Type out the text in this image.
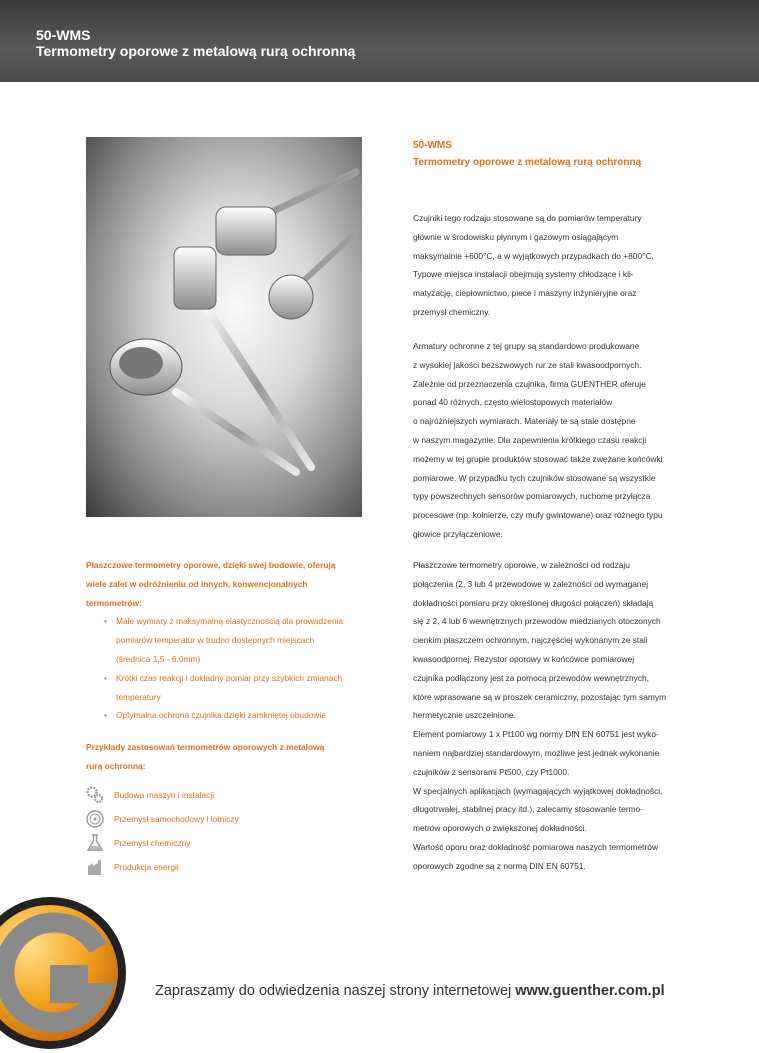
50-WMS
Termometry oporowe z metalową rurą ochronną
50-WMS
Termometry oporowe z metalową rurą ochronną
Czujniki tego rodzaju stosowane są do pomiarów temperatury
głównie w środowisku płynnym i gazowym osiągającym
maksymalnie +600°C, a w wyjątkowych przypadkach do +800°C.
Typowe miejsca instalacji obejmują systemy chłodzące i kli-
matyzację, ciepłownictwo, piece i maszyny inżynieryjne oraz
przemysł chemiczny.
Armatury ochronne z tej grupy są standardowo produkowane
z wysokiej jakości bezszwowych rur ze stali kwasoodpornych.
Zależnie od przeznaczenia czujnika, firma GUENTHER oferuje
ponad 40 różnych, często wielostopowych materiałów
o najróżniejszych wymiarach. Materiały te są stale dostępne
w naszym magazynie. Dla zapewnienia krótkiego czasu reakcji
możemy w tej grupie produktów stosować także zwężane końcówki
pomiarowe. W przypadku tych czujników stosowane są wszystkie
typy powszechnych sensorów pomiarowych, ruchome przyłącza
procesowe (np. kołnierze, czy mufy gwintowane) oraz różnego typu
głowice przyłączeniowe.
Płaszczowe termometry oporowe, w zależności od rodzaju
połączenia (2, 3 lub 4 przewodowe w zależności od wymaganej
dokładności pomiaru przy określonej długości połączeń) składają
się z 2, 4 lub 6 wewnętrznych przewodów miedzianych otoczonych
cienkim płaszczem ochronnym, najczęściej wykonanym ze stali
kwasoodpornej. Rezystor oporowy w końcówce pomiarowej
czujnika podłączony jest za pomocą przewodów wewnętrznych,
które wprasowane są w proszek ceramiczny, pozostając tym samym
hermetycznie uszczelnione.
Element pomiarowy 1 x Pt100 wg normy DIN EN 60751 jest wyko-
naniem najbardziej standardowym, możliwe jest jednak wykonanie
czujników z sensorami Pt500, czy Pt1000.
W specjalnych aplikacjach (wymagających wyjątkowej dokładności,
długotrwałej, stabilnej pracy itd.), zalecamy stosowanie termo-
metrów oporowych o zwiększonej dokładności.
Wartość oporu oraz dokładność pomiarowa naszych termometrów
oporowych zgodne są z normą DIN EN 60751.
Płaszczowe termometry oporowe, dzięki swej budowie, oferują
wiele zalet w odróżnieniu od innych, konwencjonalnych
termometrów:
• Małe wymiary z maksymalną elastycznością dla prowadzenia
pomiarów temperatur w trudno dostępnych miejscach
(średnica 1,5 - 6,0mm)
• Krótki czas reakcji i dokładny pomiar przy szybkich zmianach
temperatury
• Optymalna ochrona czujnika dzięki zamkniętej obudowie
Przykłady zastosowań termometrów oporowych z metalową
rurą ochronną:
Budowa maszyn i instalacji
Przemysł samochodowy i lotniczy
Przemysł chemiczny
Produkcja energii
Zapraszamy do odwiedzenia naszej strony internetowej www.guenther.com.pl
